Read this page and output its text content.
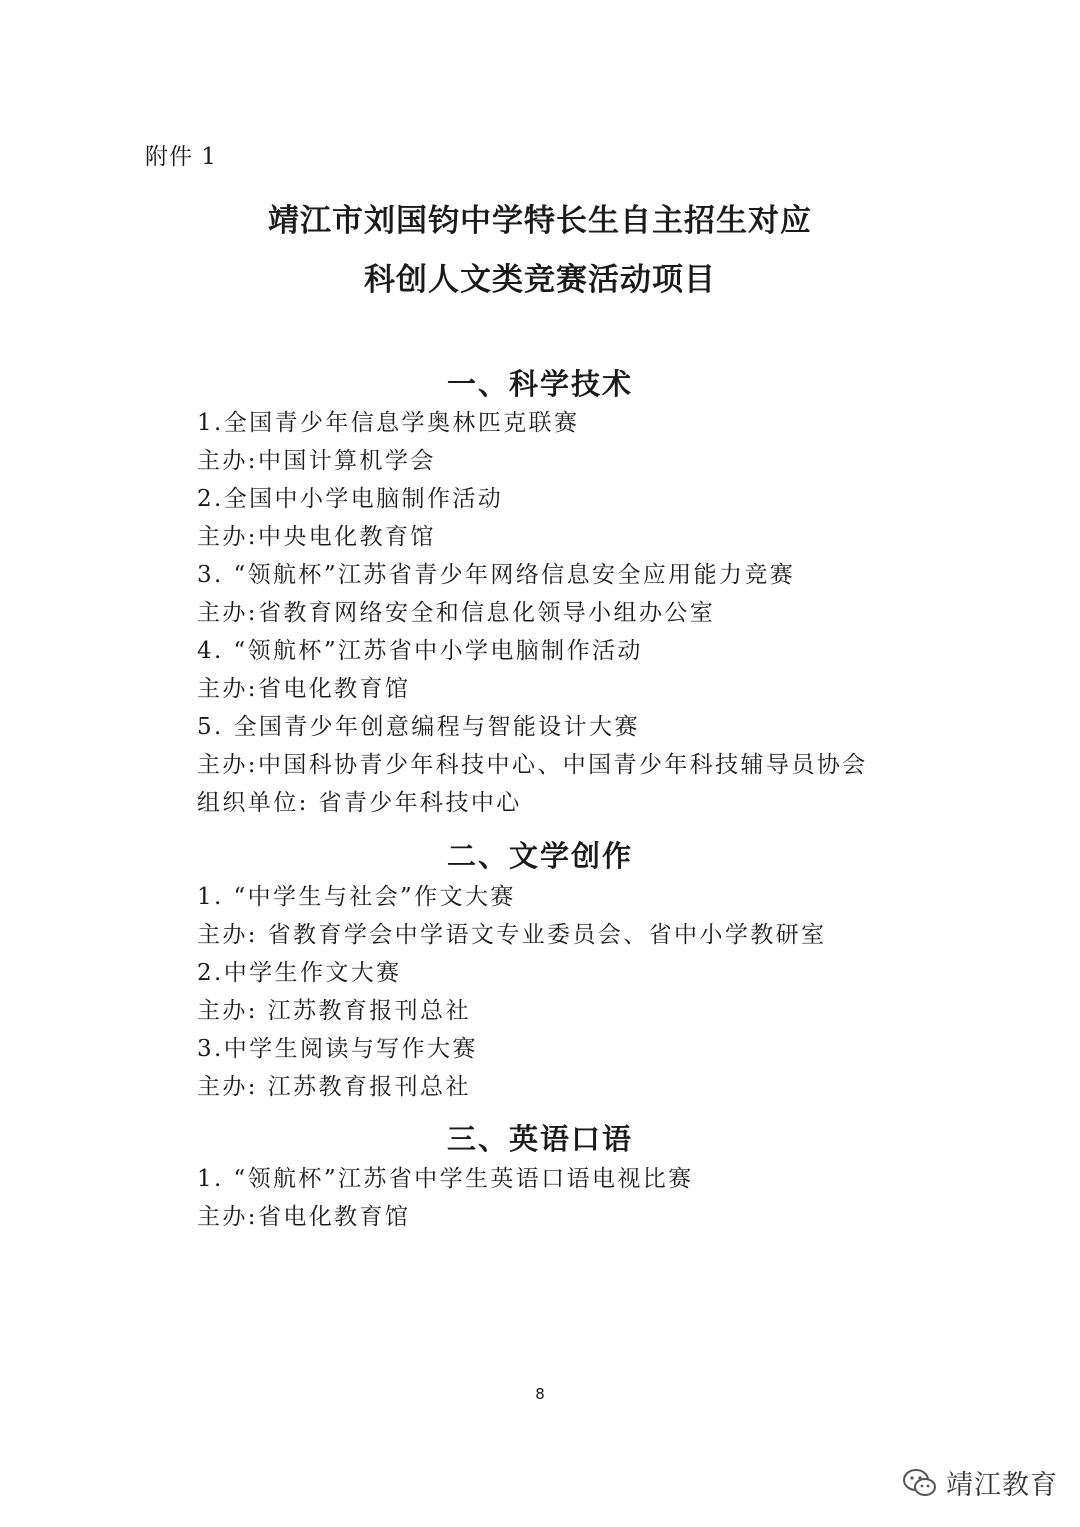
附件 1
靖江市刘国钧中学特长生自主招生对应
科创人文类竞赛活动项目
一、科学技术
1.全国青少年信息学奥林匹克联赛
主办:中国计算机学会
2.全国中小学电脑制作活动
主办:中央电化教育馆
3. “领航杯”江苏省青少年网络信息安全应用能力竞赛
主办:省教育网络安全和信息化领导小组办公室
4. “领航杯”江苏省中小学电脑制作活动
主办:省电化教育馆
5. 全国青少年创意编程与智能设计大赛
主办:中国科协青少年科技中心、中国青少年科技辅导员协会
组织单位: 省青少年科技中心
二、文学创作
1. “中学生与社会”作文大赛
主办: 省教育学会中学语文专业委员会、省中小学教研室
2.中学生作文大赛
主办: 江苏教育报刊总社
3.中学生阅读与写作大赛
主办: 江苏教育报刊总社
三、英语口语
1. “领航杯”江苏省中学生英语口语电视比赛
主办:省电化教育馆
8
靖江教育
